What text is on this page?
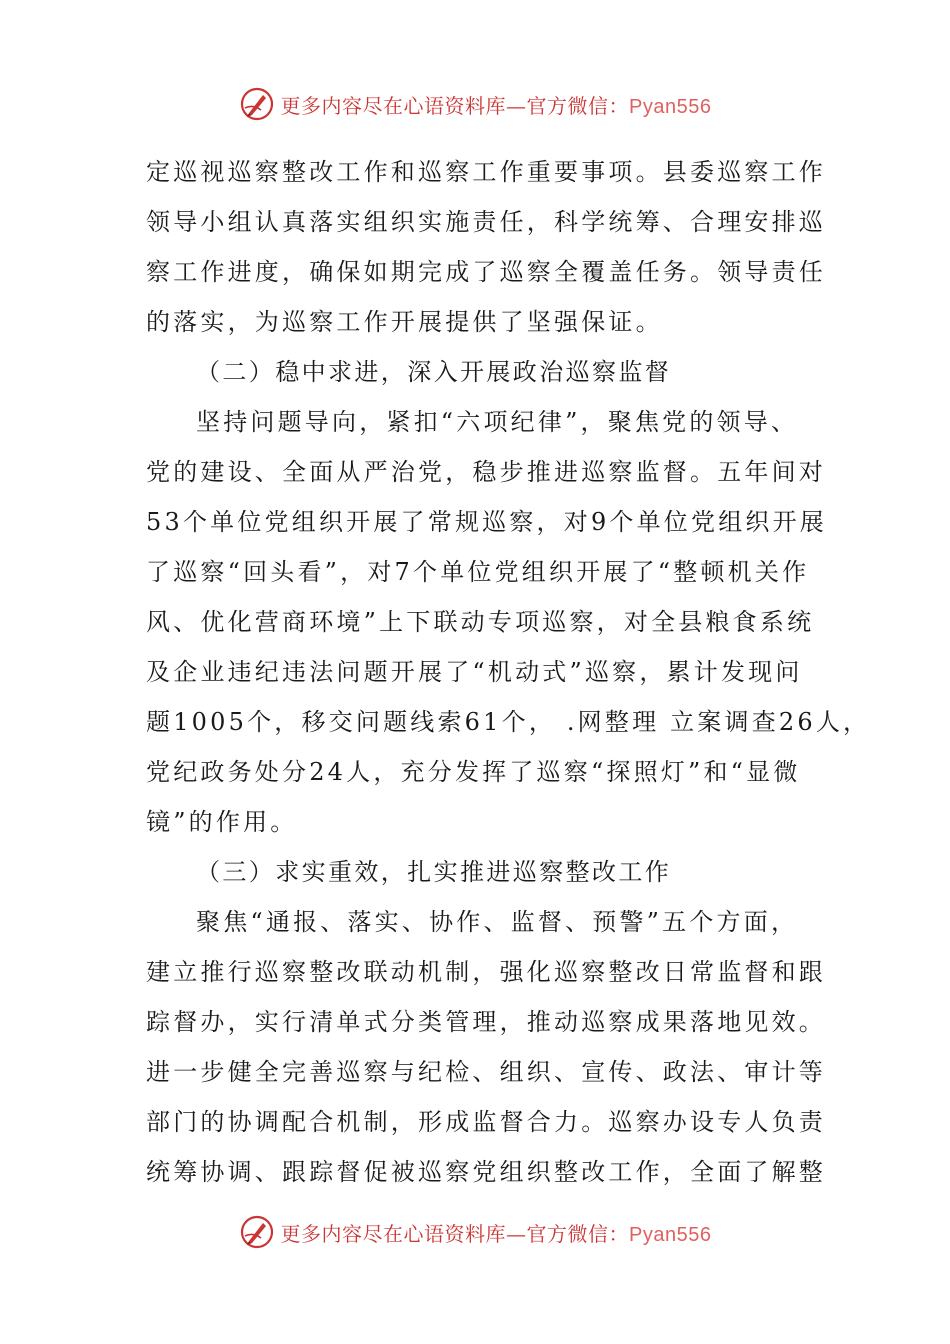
更多内容尽在心语资料库—官方微信：Pyan556
定巡视巡察整改工作和巡察工作重要事项。县委巡察工作
领导小组认真落实组织实施责任，科学统筹、合理安排巡
察工作进度，确保如期完成了巡察全覆盖任务。领导责任
的落实，为巡察工作开展提供了坚强保证。
（二）稳中求进，深入开展政治巡察监督
坚持问题导向，紧扣“六项纪律”，聚焦党的领导、
党的建设、全面从严治党，稳步推进巡察监督。五年间对
53个单位党组织开展了常规巡察，对9个单位党组织开展
了巡察“回头看”，对7个单位党组织开展了“整顿机关作
风、优化营商环境”上下联动专项巡察，对全县粮食系统
及企业违纪违法问题开展了“机动式”巡察，累计发现问
题1005个，移交问题线索61个， .网整理 立案调查26人，
党纪政务处分24人，充分发挥了巡察“探照灯”和“显微
镜”的作用。
（三）求实重效，扎实推进巡察整改工作
聚焦“通报、落实、协作、监督、预警”五个方面，
建立推行巡察整改联动机制，强化巡察整改日常监督和跟
踪督办，实行清单式分类管理，推动巡察成果落地见效。
进一步健全完善巡察与纪检、组织、宣传、政法、审计等
部门的协调配合机制，形成监督合力。巡察办设专人负责
统筹协调、跟踪督促被巡察党组织整改工作，全面了解整
更多内容尽在心语资料库—官方微信：Pyan556
